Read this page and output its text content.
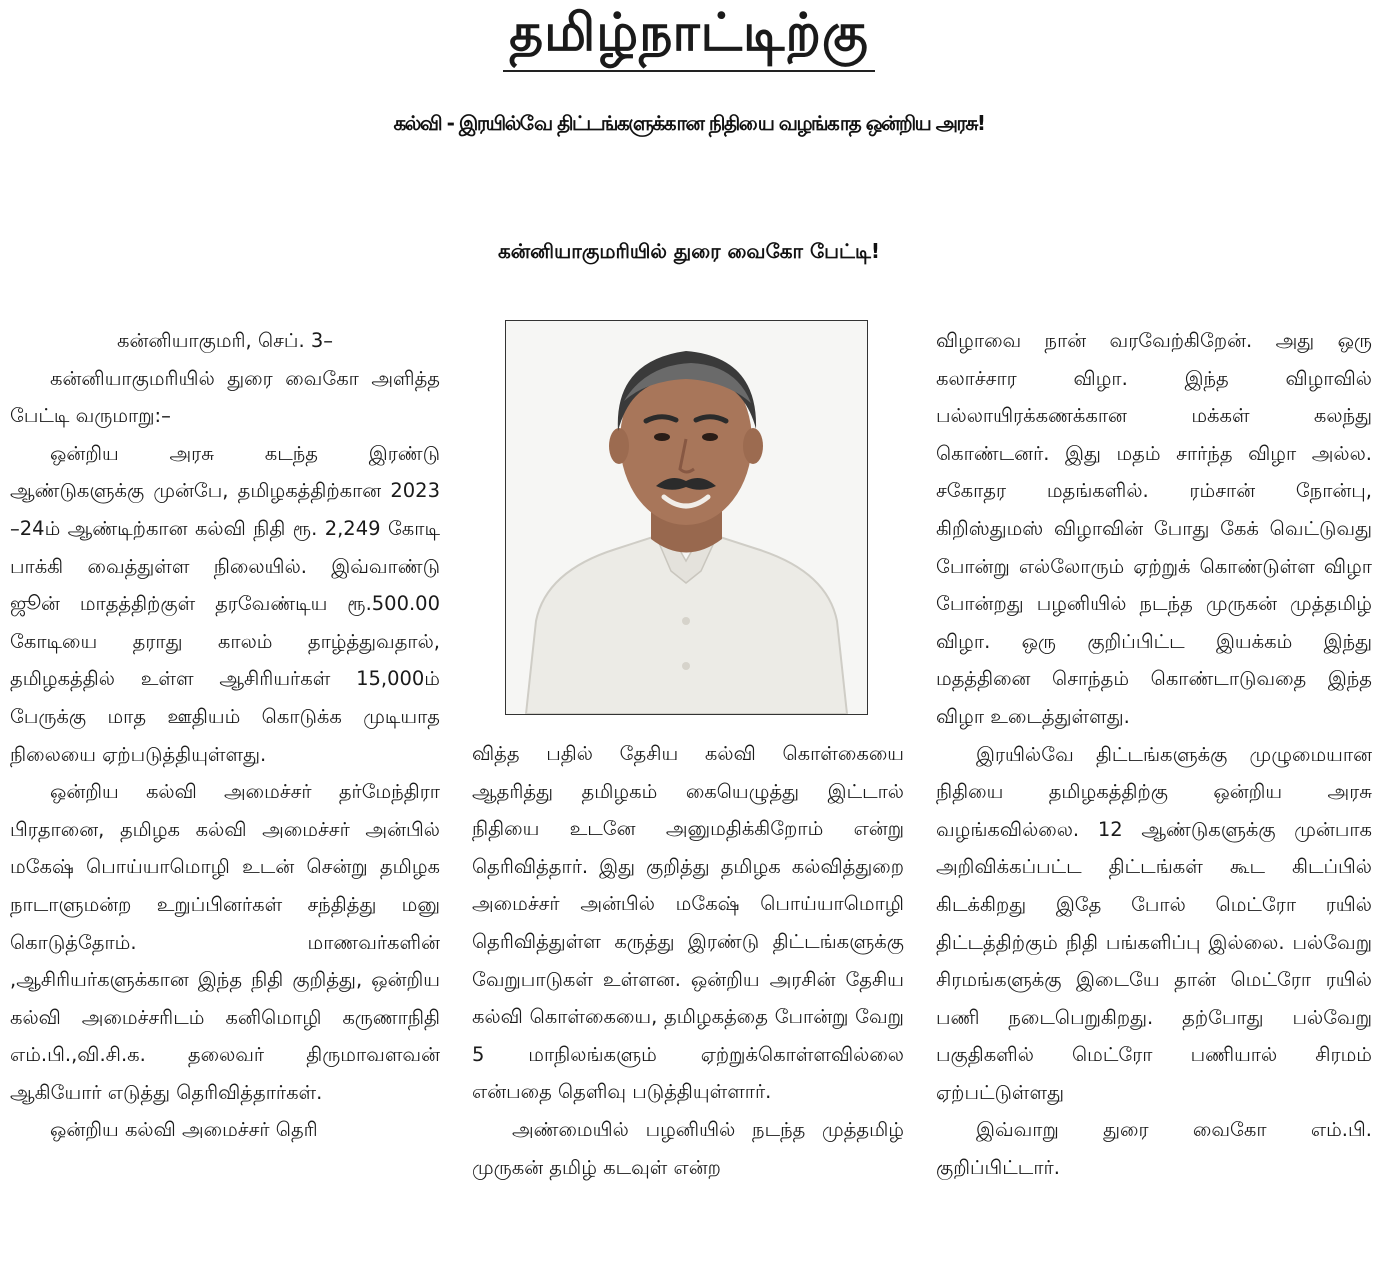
தமிழ்நாட்டிற்கு
கல்வி - இரயில்வே திட்டங்களுக்கான நிதியை வழங்காத ஒன்றிய அரசு!
கன்னியாகுமரியில் துரை வைகோ பேட்டி!

கன்னியாகுமரி, செப். 3–

கன்னியாகுமரியில் துரை வைகோ அளித்த பேட்டி வருமாறு:–

ஒன்றிய அரசு கடந்த இரண்டு ஆண்டுகளுக்கு முன்பே, தமிழகத்திற்கான 2023 –24ம் ஆண்டிற்கான கல்வி நிதி ரூ. 2,249 கோடி பாக்கி வைத்துள்ள நிலையில். இவ்வாண்டு ஜூன் மாதத்திற்குள் தரவேண்டிய ரூ.500.00 கோடியை தராது காலம் தாழ்த்துவதால், தமிழகத்தில் உள்ள ஆசிரியர்கள் 15,000ம் பேருக்கு மாத ஊதியம் கொடுக்க முடியாத நிலையை ஏற்படுத்தியுள்ளது.

ஒன்றிய கல்வி அமைச்சர் தர்மேந்திரா பிரதானை, தமிழக கல்வி அமைச்சர் அன்பில் மகேஷ் பொய்யாமொழி உடன் சென்று தமிழக நாடாளுமன்ற உறுப்பினர்கள் சந்தித்து மனு கொடுத்தோம். மாணவர்களின் ,ஆசிரியர்களுக்கான இந்த நிதி குறித்து, ஒன்றிய கல்வி அமைச்சரிடம் கனிமொழி கருணாநிதி எம்.பி.,வி.சி.க. தலைவர் திருமாவளவன் ஆகியோர் எடுத்து தெரிவித்தார்கள்.

ஒன்றிய கல்வி அமைச்சர் தெரி

வித்த பதில் தேசிய கல்வி கொள்கையை ஆதரித்து தமிழகம் கையெழுத்து இட்டால் நிதியை உடனே அனுமதிக்கிறோம் என்று தெரிவித்தார். இது குறித்து தமிழக கல்வித்துறை அமைச்சர் அன்பில் மகேஷ் பொய்யாமொழி தெரிவித்துள்ள கருத்து இரண்டு திட்டங்களுக்கு வேறுபாடுகள் உள்ளன. ஒன்றிய அரசின் தேசிய கல்வி கொள்கையை, தமிழகத்தை போன்று வேறு 5 மாநிலங்களும் ஏற்றுக்கொள்ளவில்லை என்பதை தெளிவு படுத்தியுள்ளார்.

அண்மையில் பழனியில் நடந்த முத்தமிழ் முருகன் தமிழ் கடவுள் என்ற

விழாவை நான் வரவேற்கிறேன். அது ஒரு கலாச்சார விழா. இந்த விழாவில் பல்லாயிரக்கணக்கான மக்கள் கலந்து கொண்டனர். இது மதம் சார்ந்த விழா அல்ல. சகோதர மதங்களில். ரம்சான் நோன்பு, கிறிஸ்துமஸ் விழாவின் போது கேக் வெட்டுவது போன்று எல்லோரும் ஏற்றுக் கொண்டுள்ள விழா போன்றது பழனியில் நடந்த முருகன் முத்தமிழ் விழா. ஒரு குறிப்பிட்ட இயக்கம் இந்து மதத்தினை சொந்தம் கொண்டாடுவதை இந்த விழா உடைத்துள்ளது.

இரயில்வே திட்டங்களுக்கு முழுமையான நிதியை தமிழகத்திற்கு ஒன்றிய அரசு வழங்கவில்லை. 12 ஆண்டுகளுக்கு முன்பாக அறிவிக்கப்பட்ட திட்டங்கள் கூட கிடப்பில் கிடக்கிறது இதே போல் மெட்ரோ ரயில் திட்டத்திற்கும் நிதி பங்களிப்பு இல்லை. பல்வேறு சிரமங்களுக்கு இடையே தான் மெட்ரோ ரயில் பணி நடைபெறுகிறது. தற்போது பல்வேறு பகுதிகளில் மெட்ரோ பணியால் சிரமம் ஏற்பட்டுள்ளது

இவ்வாறு துரை வைகோ எம்.பி. குறிப்பிட்டார்.
